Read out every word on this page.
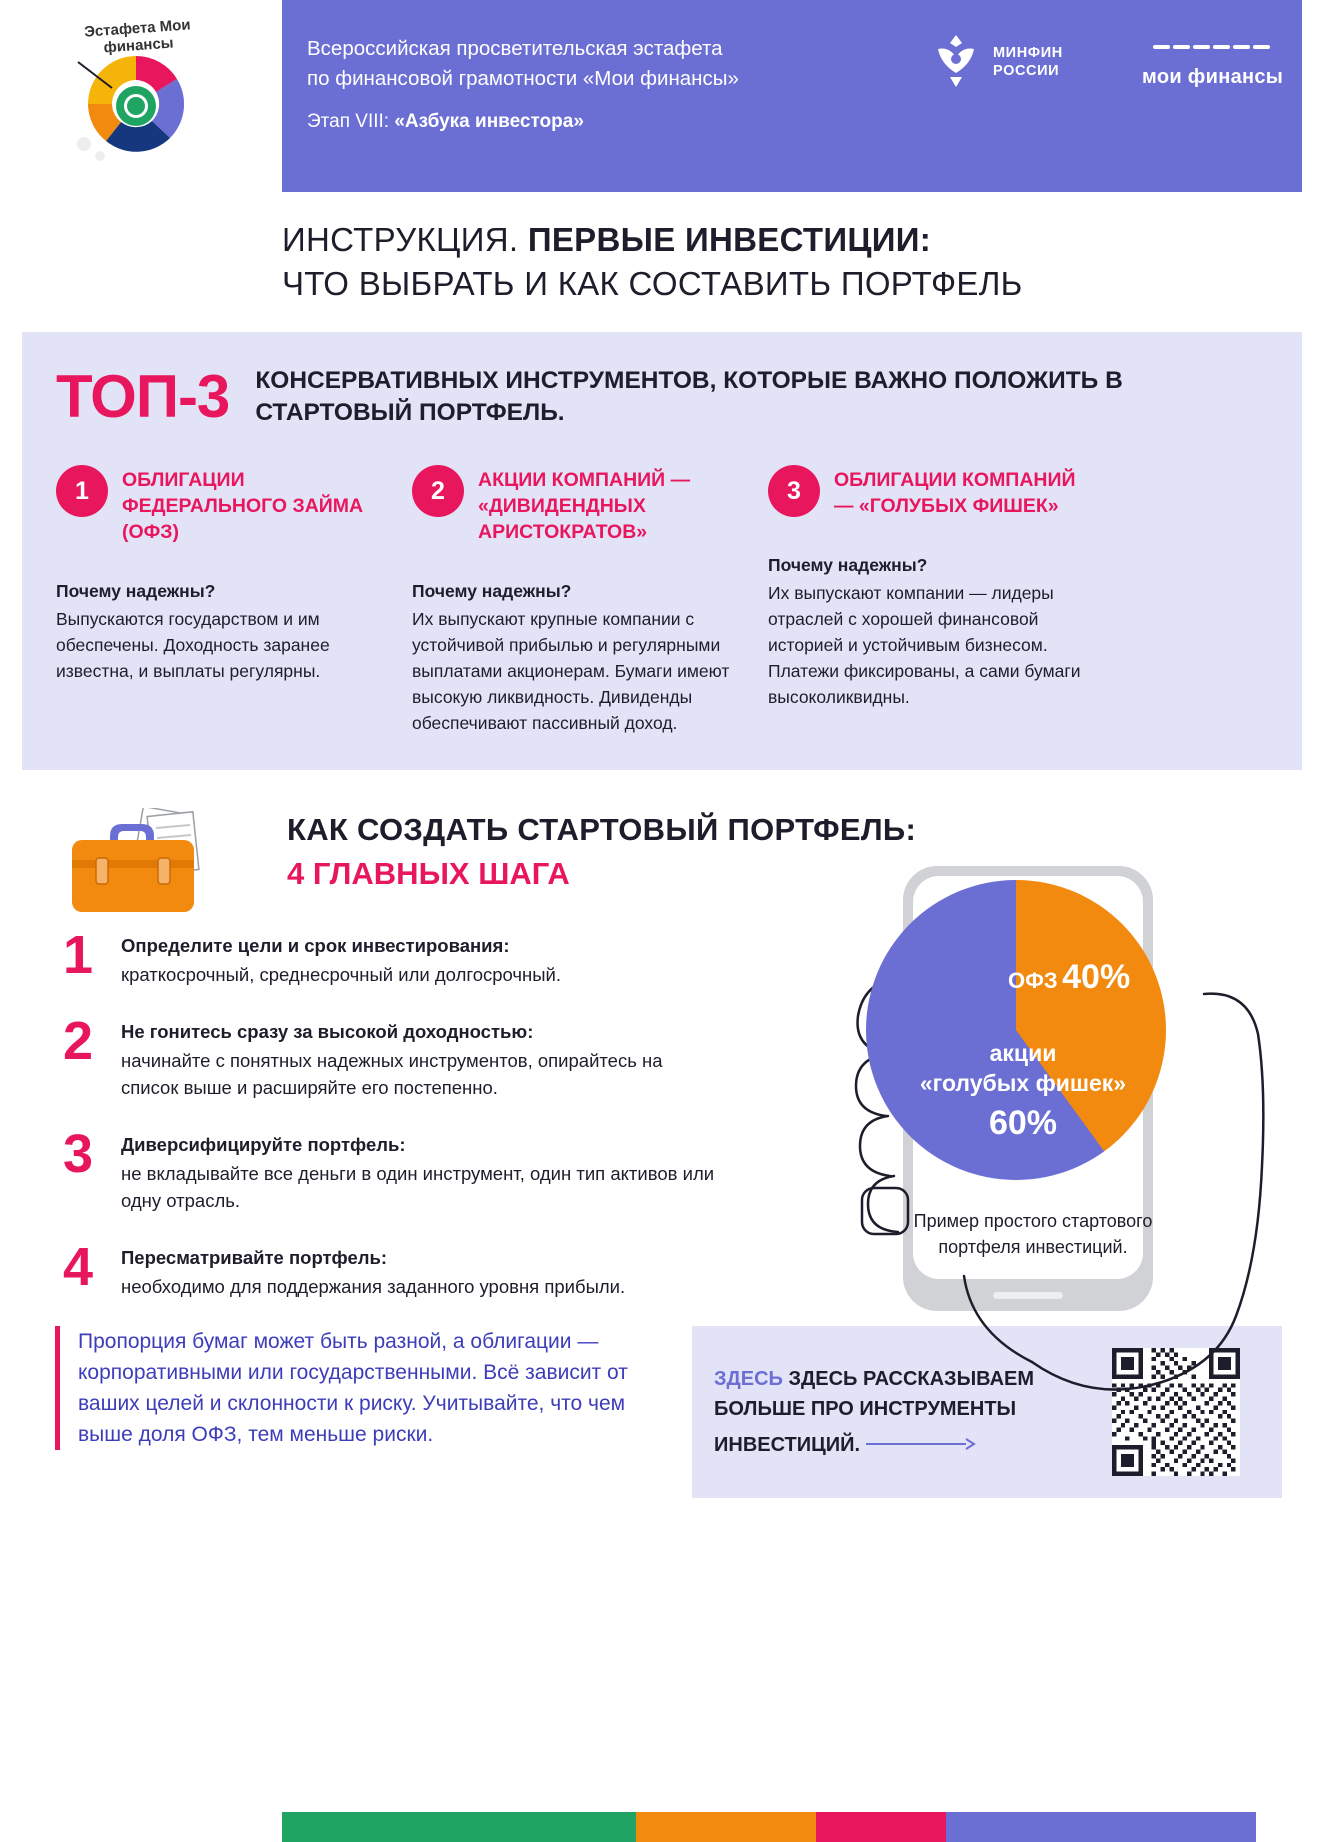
Всероссийская просветительская эстафета
по финансовой грамотности «Мои финансы»
Этап VIII: «Азбука инвестора»
МИНФИН
РОССИИ	мои финансы
Эстафета Мои финансы
ИНСТРУКЦИЯ. ПЕРВЫЕ ИНВЕСТИЦИИ:
ЧТО ВЫБРАТЬ И КАК СОСТАВИТЬ ПОРТФЕЛЬ
ТОП-3 КОНСЕРВАТИВНЫХ ИНСТРУМЕНТОВ, КОТОРЫЕ ВАЖНО ПОЛОЖИТЬ В СТАРТОВЫЙ ПОРТФЕЛЬ.
1	ОБЛИГАЦИИ ФЕДЕРАЛЬНОГО ЗАЙМА (ОФЗ)
Почему надежны?
Выпускаются государством и им обеспечены. Доходность заранее известна, и выплаты регулярны.
2	АКЦИИ КОМПАНИЙ — «ДИВИДЕНДНЫХ АРИСТОКРАТОВ»
Почему надежны?
Их выпускают крупные компании с устойчивой прибылью и регулярными выплатами акционерам. Бумаги имеют высокую ликвидность. Дивиденды обеспечивают пассивный доход.
3	ОБЛИГАЦИИ КОМПАНИЙ — «ГОЛУБЫХ ФИШЕК»
Почему надежны?
Их выпускают компании — лидеры отраслей с хорошей финансовой историей и устойчивым бизнесом. Платежи фиксированы, а сами бумаги высоколиквидны.
КАК СОЗДАТЬ СТАРТОВЫЙ ПОРТФЕЛЬ:
4 ГЛАВНЫХ ШАГА
1	Определите цели и срок инвестирования:
краткосрочный, среднесрочный или долгосрочный.
2	Не гонитесь сразу за высокой доходностью:
начинайте с понятных надежных инструментов, опирайтесь на список выше и расширяйте его постепенно.
3	Диверсифицируйте портфель:
не вкладывайте все деньги в один инструмент, один тип активов или одну отрасль.
4	Пересматривайте портфель:
необходимо для поддержания заданного уровня прибыли.
ОФЗ 40%
акции
«голубых фишек»
60%
Пример простого стартового портфеля инвестиций.

Пропорция бумаг может быть разной, а облигации — корпоративными или государственными. Всё зависит от ваших целей и склонности к риску. Учитывайте, что чем выше доля ОФЗ, тем меньше риски.

ЗДЕСЬ ЗДЕСЬ РАССКАЗЫВАЕМ БОЛЬШЕ ПРО ИНСТРУМЕНТЫ ИНВЕСТИЦИЙ.
